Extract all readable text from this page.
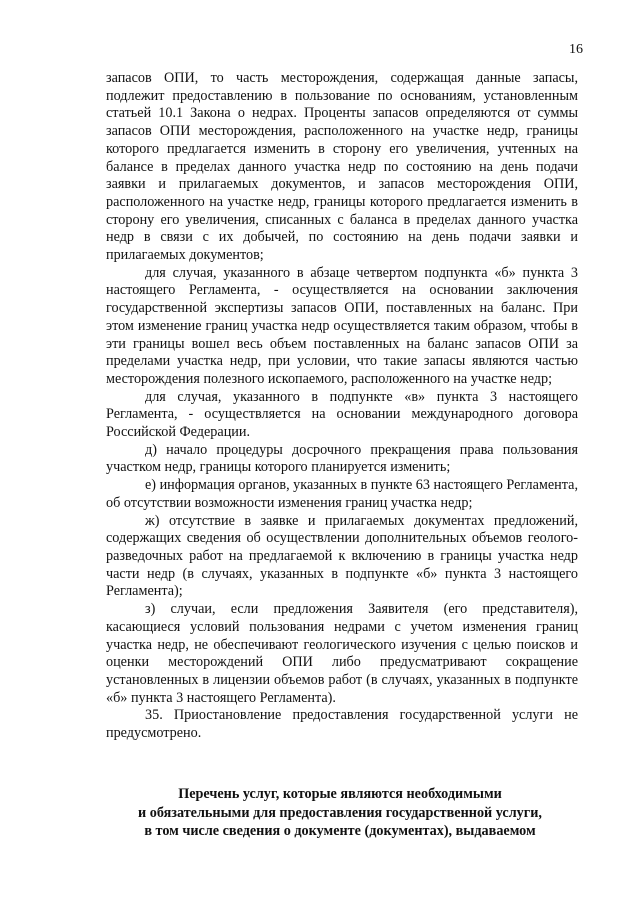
16

запасов ОПИ, то часть месторождения, содержащая данные запасы, подлежит предоставлению в пользование по основаниям, установленным статьей 10.1 Закона о недрах. Проценты запасов определяются от суммы запасов ОПИ месторождения, расположенного на участке недр, границы которого предлагается изменить в сторону его увеличения, учтенных на балансе в пределах данного участка недр по состоянию на день подачи заявки и прилагаемых документов, и запасов месторождения ОПИ, расположенного на участке недр, границы которого предлагается изменить в сторону его увеличения, списанных с баланса в пределах данного участка недр в связи с их добычей, по состоянию на день подачи заявки и прилагаемых документов;

для случая, указанного в абзаце четвертом подпункта «б» пункта 3 настоящего Регламента, - осуществляется на основании заключения государственной экспертизы запасов ОПИ, поставленных на баланс. При этом изменение границ участка недр осуществляется таким образом, чтобы в эти границы вошел весь объем поставленных на баланс запасов ОПИ за пределами участка недр, при условии, что такие запасы являются частью месторождения полезного ископаемого, расположенного на участке недр;

для случая, указанного в подпункте «в» пункта 3 настоящего Регламента, - осуществляется на основании международного договора Российской Федерации.

д) начало процедуры досрочного прекращения права пользования участком недр, границы которого планируется изменить;

е) информация органов, указанных в пункте 63 настоящего Регламента, об отсутствии возможности изменения границ участка недр;

ж) отсутствие в заявке и прилагаемых документах предложений, содержащих сведения об осуществлении дополнительных объемов геолого-разведочных работ на предлагаемой к включению в границы участка недр части недр (в случаях, указанных в подпункте «б» пункта 3 настоящего Регламента);

з) случаи, если предложения Заявителя (его представителя), касающиеся условий пользования недрами с учетом изменения границ участка недр, не обеспечивают геологического изучения с целью поисков и оценки месторождений ОПИ либо предусматривают сокращение установленных в лицензии объемов работ (в случаях, указанных в подпункте «б» пункта 3 настоящего Регламента).

35. Приостановление предоставления государственной услуги не предусмотрено.

Перечень услуг, которые являются необходимыми
и обязательными для предоставления государственной услуги,
в том числе сведения о документе (документах), выдаваемом
